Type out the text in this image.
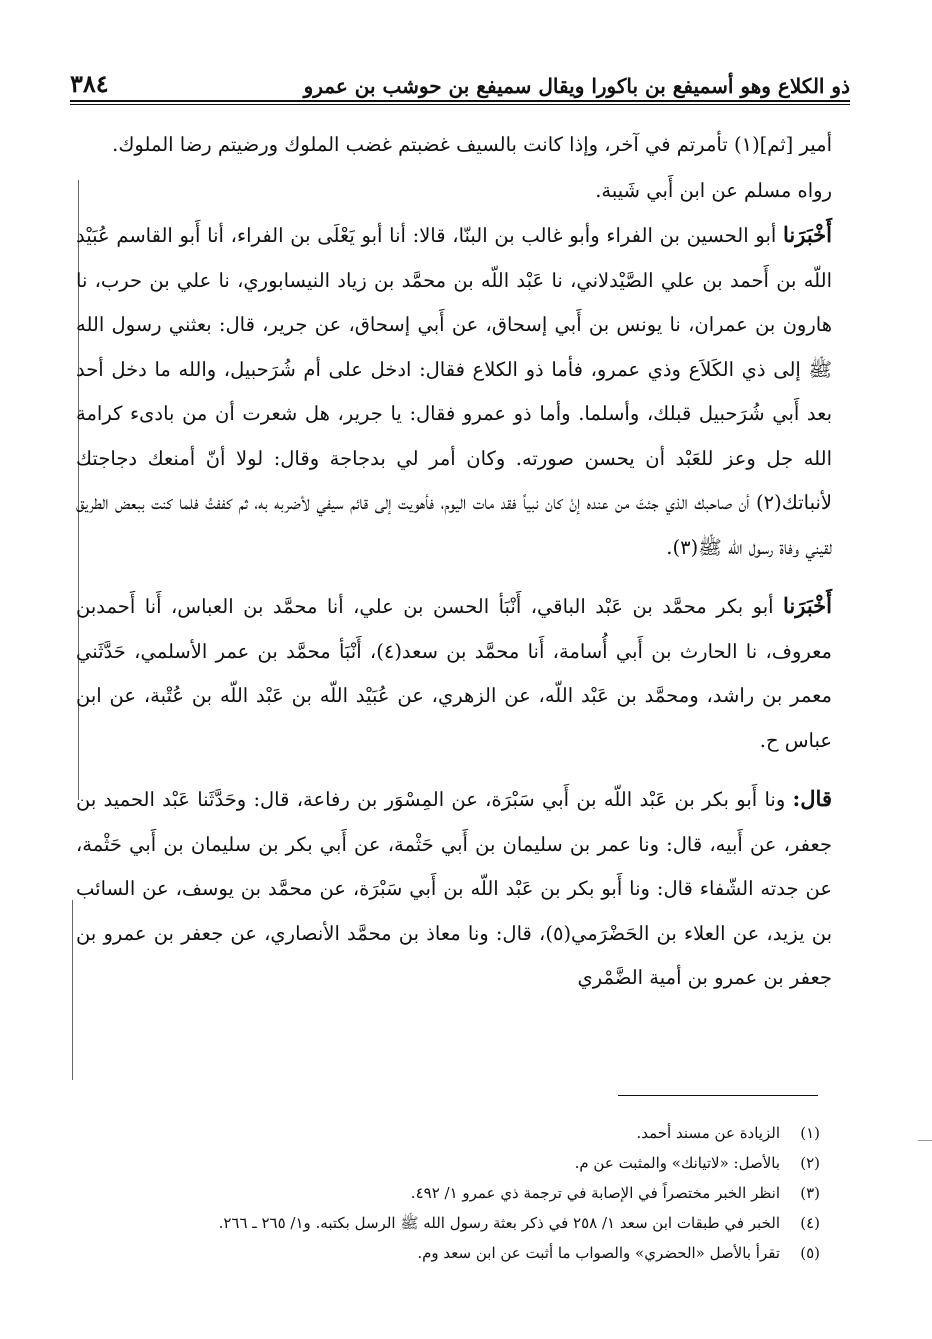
ذو الكلاع وهو أسميفع بن باكورا ويقال سميفع بن حوشب بن عمرو
٣٨٤

أمير [ثم](١) تأمرتم في آخر، وإذا كانت بالسيف غضبتم غضب الملوك ورضيتم رضا الملوك.

رواه مسلم عن ابن أَبي شَيبة.

أَخْبَرَنا أبو الحسين بن الفراء وأبو غالب بن البنّا، قالا: أنا أبو يَعْلَى بن الفراء، أنا أَبو القاسم عُبَيْد اللّه بن أَحمد بن علي الصَّيْدلاني، نا عَبْد اللّه بن محمَّد بن زياد النيسابوري، نا علي بن حرب، نا هارون بن عمران، نا يونس بن أَبي إسحاق، عن أَبي إسحاق، عن جرير، قال: بعثني رسول الله ﷺ إلى ذي الكَلاَع وذي عمرو، فأما ذو الكلاع فقال: ادخل على أم شُرَحبيل، والله ما دخل أحد بعد أَبي شُرَحبيل قبلك، وأسلما. وأما ذو عمرو فقال: يا جرير، هل شعرت أن من بادىء كرامة الله جل وعز للعَبْد أن يحسن صورته. وكان أمر لي بدجاجة وقال: لولا أنّ أمنعك دجاجتك لأنباتك(٢) أن صاحبك الذي جئتَ من عنده إنْ كان نبياً فقد مات اليوم، فأهويت إلى قائم سيفي لأضربه به، ثم كففتُ فلما كنت ببعض الطريق لقيني وفاة رسول الله ﷺ(٣).

أَخْبَرَنا أبو بكر محمَّد بن عَبْد الباقي، أَنْبَأ الحسن بن علي، أنا محمَّد بن العباس، أَنا أَحمدبن معروف، نا الحارث بن أَبي أُسامة، أَنا محمَّد بن سعد(٤)، أَنْبَأ محمَّد بن عمر الأسلمي، حَدَّثَني معمر بن راشد، ومحمَّد بن عَبْد اللّه، عن الزهري، عن عُبَيْد اللّه بن عَبْد اللّه بن عُتْبة، عن ابن عباس ح.

قال: ونا أَبو بكر بن عَبْد اللّه بن أَبي سَبْرَة، عن المِسْوَر بن رفاعة، قال: وحَدَّثَنا عَبْد الحميد بن جعفر، عن أَبيه، قال: ونا عمر بن سليمان بن أَبي حَثْمة، عن أَبي بكر بن سليمان بن أَبي حَثْمة، عن جدته الشّفاء قال: ونا أَبو بكر بن عَبْد اللّه بن أَبي سَبْرَة، عن محمَّد بن يوسف، عن السائب بن يزيد، عن العلاء بن الحَضْرَمي(٥)، قال: ونا معاذ بن محمَّد الأنصاري، عن جعفر بن عمرو بن جعفر بن عمرو بن أمية الضَّمْري

(١)
الزيادة عن مسند أحمد.
(٢)
بالأصل: «لاتيانك» والمثبت عن م.
(٣)
انظر الخبر مختصراً في الإصابة في ترجمة ذي عمرو ١/ ٤٩٢.
(٤)
الخبر في طبقات ابن سعد ١/ ٢٥٨ في ذكر بعثة رسول الله ﷺ الرسل بكتبه. و١/ ٢٦٥ ـ ٢٦٦.
(٥)
تقرأ بالأصل «الحضري» والصواب ما أثبت عن ابن سعد وم.
